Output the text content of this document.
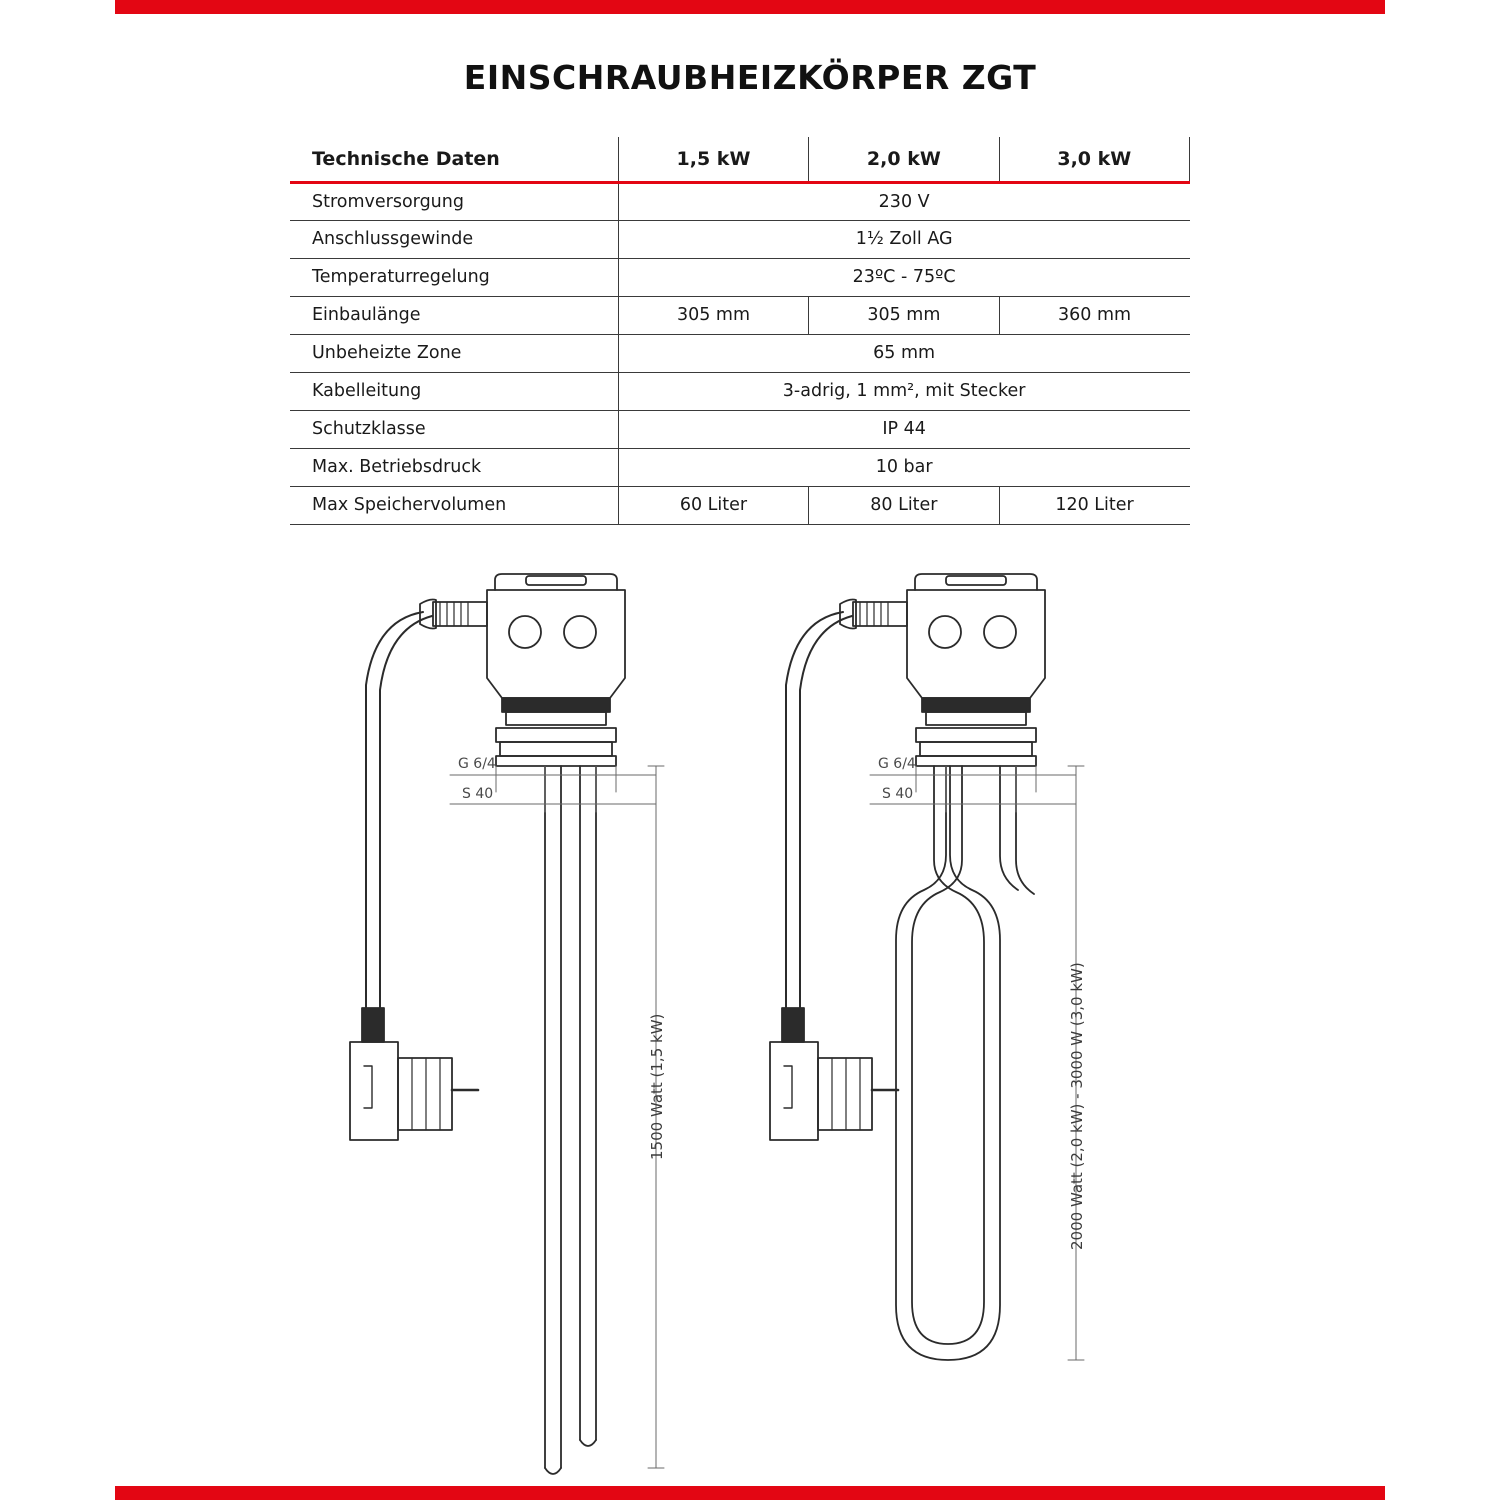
EINSCHRAUBHEIZKÖRPER ZGT
Technische Daten	1,5 kW	2,0 kW	3,0 kW
Stromversorgung	230 V		
Anschlussgewinde	1½ Zoll AG		
Temperaturregelung	23ºC - 75ºC		
Einbaulänge	305 mm	305 mm	360 mm
Unbeheizte Zone	65 mm		
Kabelleitung	3-adrig, 1 mm², mit Stecker		
Schutzklasse	IP 44		
Max. Betriebsdruck	10 bar		
Max Speichervolumen	60 Liter	80 Liter	120 Liter
G 6/4
S 40
G 6/4
S 40
1500 Watt (1,5 kW)	2000 Watt (2,0 kW) - 3000 W (3,0 kW)
